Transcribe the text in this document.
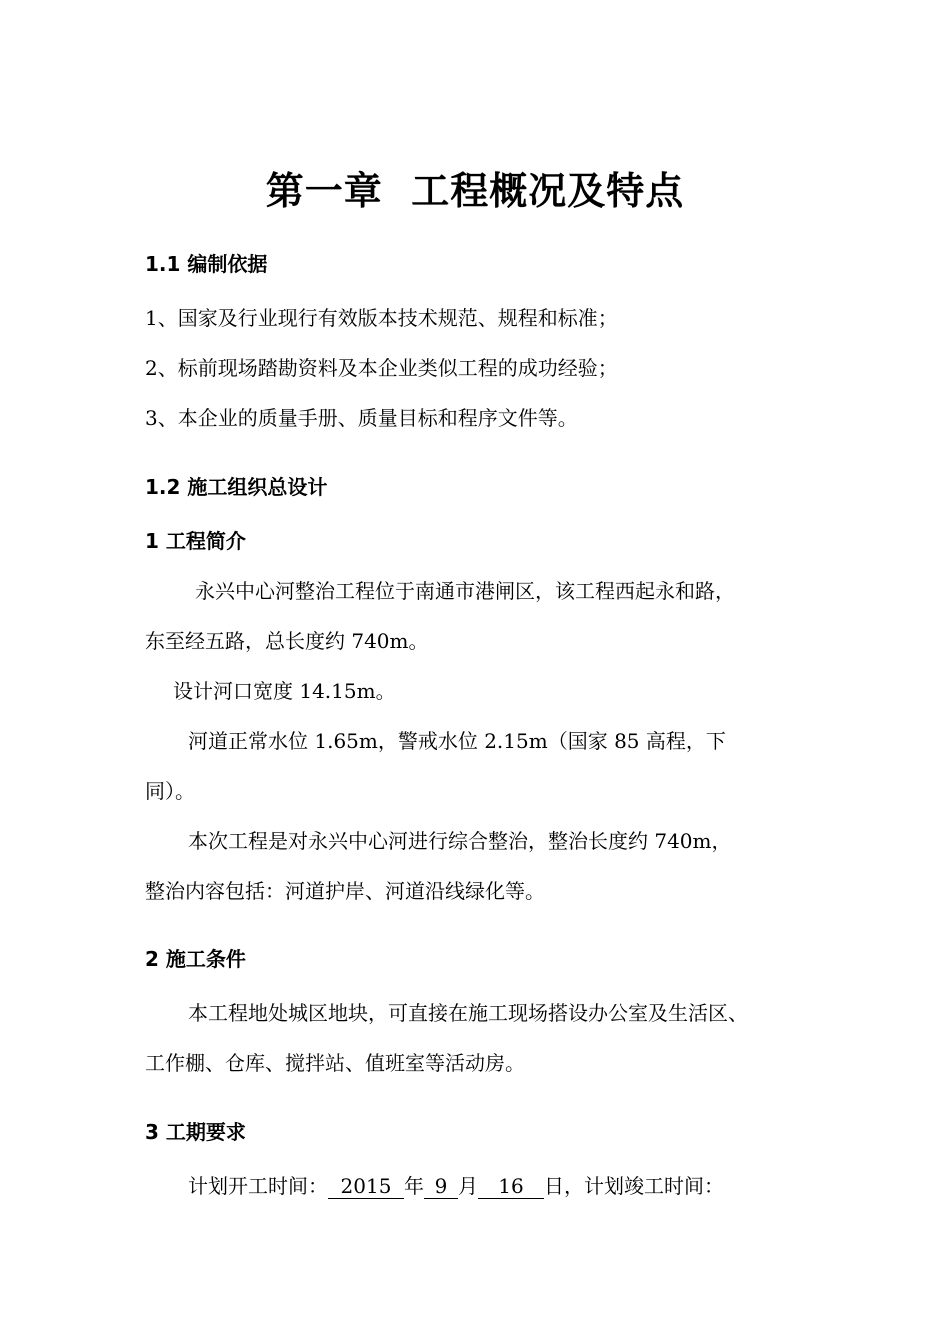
第一章  工程概况及特点
1.1 编制依据
1、国家及行业现行有效版本技术规范、规程和标准；
2、标前现场踏勘资料及本企业类似工程的成功经验；
3、本企业的质量手册、质量目标和程序文件等。
1.2 施工组织总设计
1 工程简介
永兴中心河整治工程位于南通市港闸区，该工程西起永和路，
东至经五路，总长度约 740m。
设计河口宽度 14.15m。
河道正常水位 1.65m，警戒水位 2.15m（国家 85 高程，下
同）。
本次工程是对永兴中心河进行综合整治，整治长度约 740m，
整治内容包括：河道护岸、河道沿线绿化等。
2 施工条件
本工程地处城区地块，可直接在施工现场搭设办公室及生活区、
工作棚、仓库、搅拌站、值班室等活动房。
3 工期要求
计划开工时间： 2015 年 9 月 16 日，计划竣工时间：
